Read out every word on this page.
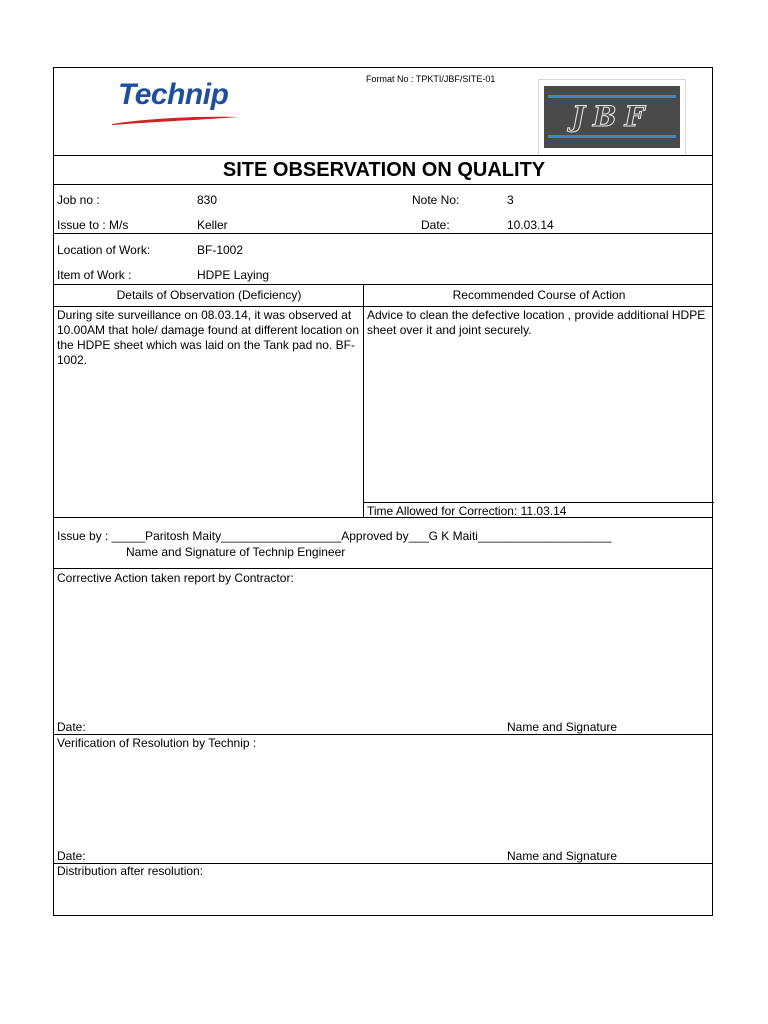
Technip	Format No : TPKTI/JBF/SITE-01
JBF
SITE OBSERVATION ON QUALITY
Job no :	830	Note No:	3
Issue to : M/s	Keller	Date:	10.03.14
Location of Work:	BF-1002
Item of Work :	HDPE Laying
Details of Observation (Deficiency)	Recommended Course of Action
During site surveillance on 08.03.14, it was observed at 10.00AM that hole/ damage found at different location on the HDPE sheet which was laid on the Tank pad no. BF-1002.
Advice to clean the defective location , provide additional HDPE sheet over it and joint securely.
Time Allowed for Correction: 11.03.14
Issue by : _____Paritosh Maity__________________Approved by___G K Maiti____________________
Name and Signature of Technip Engineer
Corrective Action taken report by Contractor:
Date:	Name and Signature
Verification of Resolution by Technip :
Date:	Name and Signature
Distribution after resolution:
